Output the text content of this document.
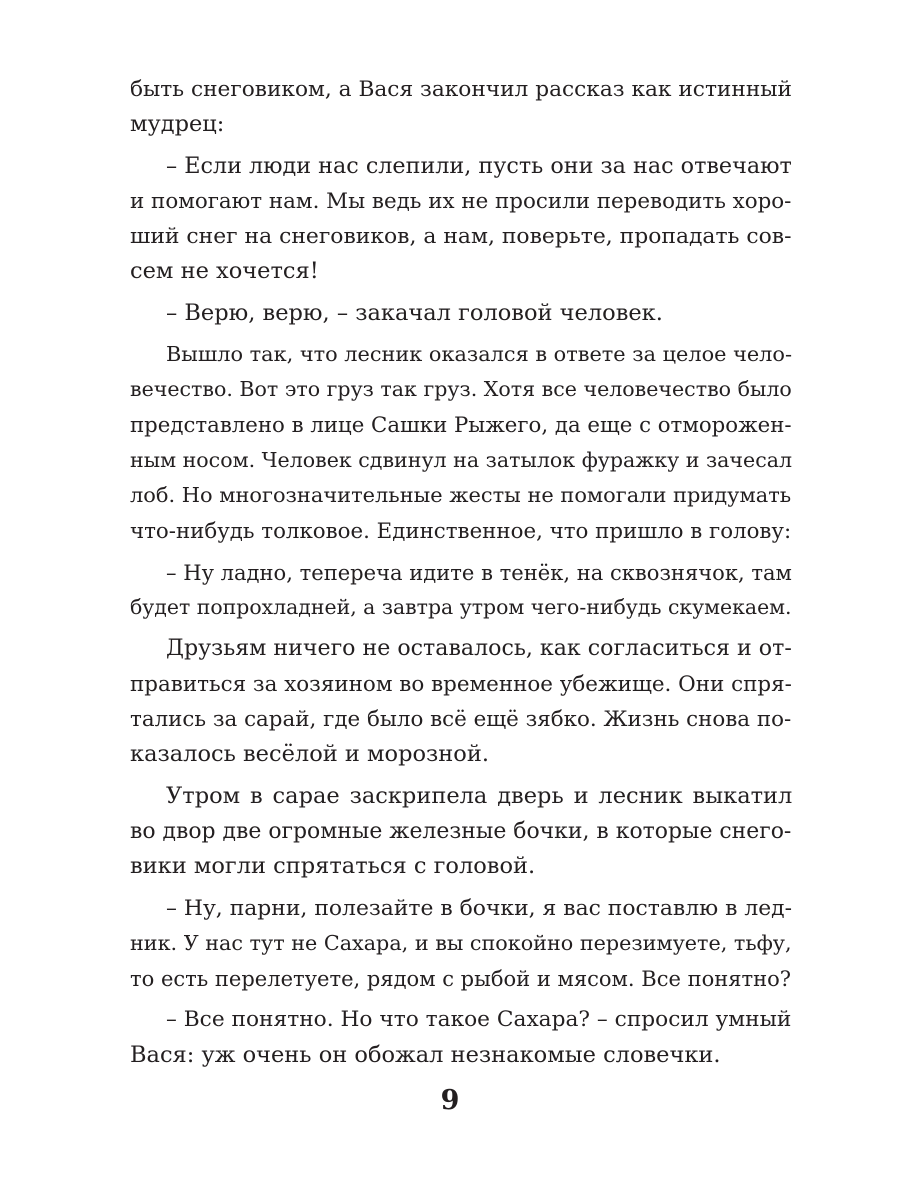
быть снеговиком, а Вася закончил рассказ как истинный
мудрец:
– Если люди нас слепили, пусть они за нас отвечают
и помогают нам. Мы ведь их не просили переводить хоро-
ший снег на снеговиков, а нам, поверьте, пропадать сов-
сем не хочется!
– Верю, верю, – закачал головой человек.
Вышло так, что лесник оказался в ответе за целое чело-
вечество. Вот это груз так груз. Хотя все человечество было
представлено в лице Сашки Рыжего, да еще с отморожен-
ным носом. Человек сдвинул на затылок фуражку и зачесал
лоб. Но многозначительные жесты не помогали придумать
что-нибудь толковое. Единственное, что пришло в голову:
– Ну ладно, тепереча идите в тенёк, на сквознячок, там
будет попрохладней, а завтра утром чего-нибудь скумекаем.
Друзьям ничего не оставалось, как согласиться и от-
правиться за хозяином во временное убежище. Они спря-
тались за сарай, где было всё ещё зябко. Жизнь снова по-
казалось весёлой и морозной.
Утром в сарае заскрипела дверь и лесник выкатил
во двор две огромные железные бочки, в которые снего-
вики могли спрятаться с головой.
– Ну, парни, полезайте в бочки, я вас поставлю в лед-
ник. У нас тут не Сахара, и вы спокойно перезимуете, тьфу,
то есть перелетуете, рядом с рыбой и мясом. Все понятно?
– Все понятно. Но что такое Сахара? – спросил умный
Вася: уж очень он обожал незнакомые словечки.
9
